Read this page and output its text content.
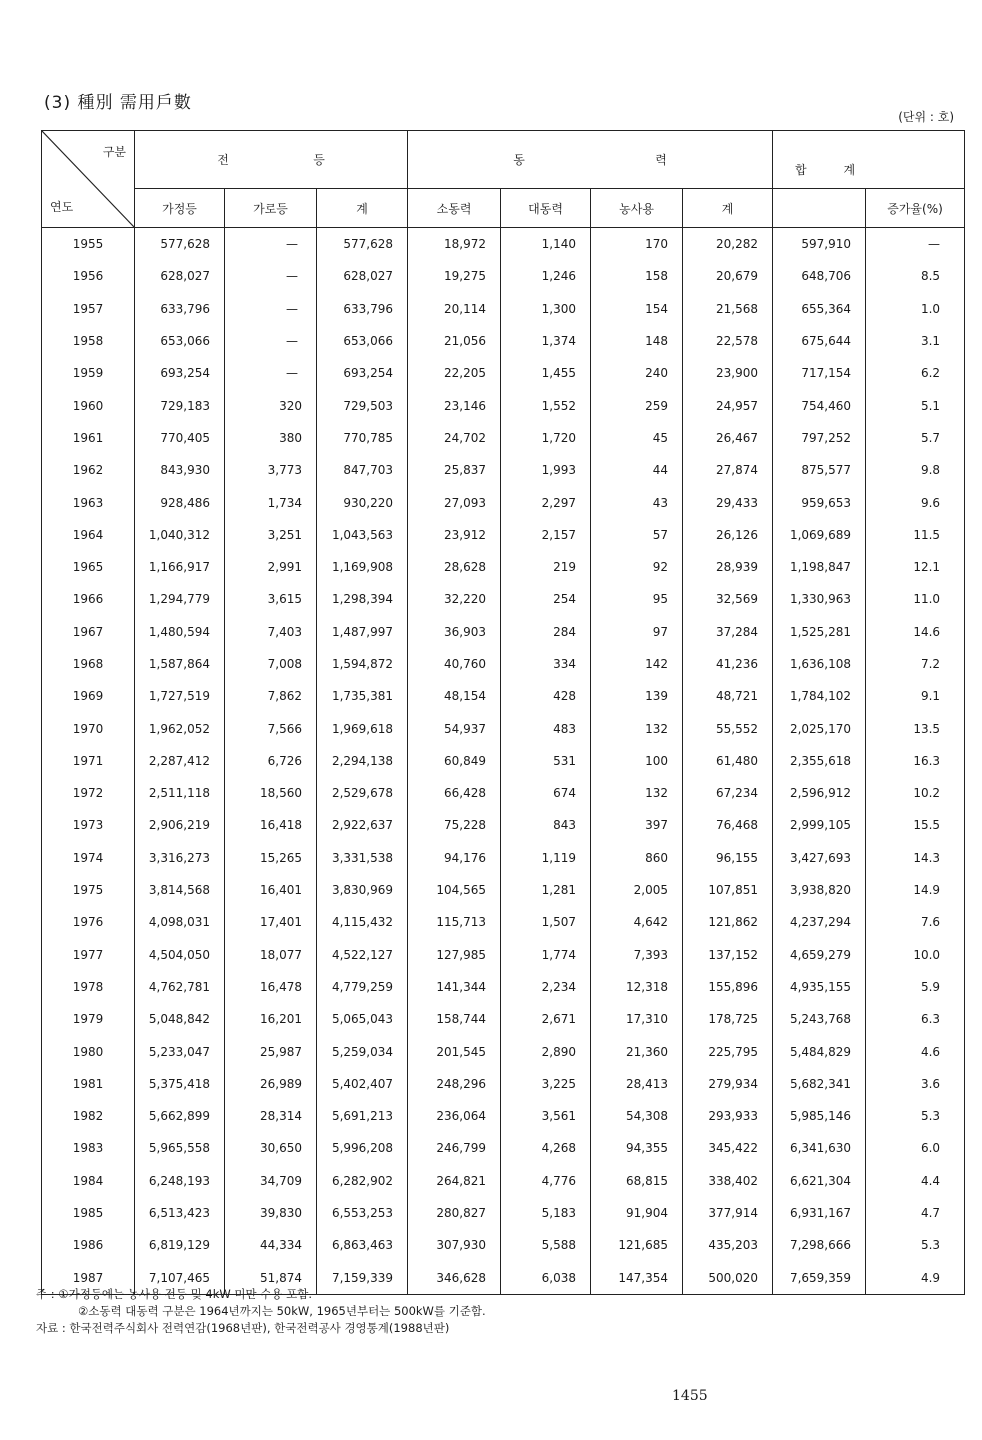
(3) 種別 需用戶數
(단위 : 호)
구분
연도	전 등			동 력				합 계	

	가정등	가로등	계	소동력	대동력	농사용	계		증가율(%)
1955	577,628	—	577,628	18,972	1,140	170	20,282	597,910	—
1956	628,027	—	628,027	19,275	1,246	158	20,679	648,706	8.5
1957	633,796	—	633,796	20,114	1,300	154	21,568	655,364	1.0
1958	653,066	—	653,066	21,056	1,374	148	22,578	675,644	3.1
1959	693,254	—	693,254	22,205	1,455	240	23,900	717,154	6.2
1960	729,183	320	729,503	23,146	1,552	259	24,957	754,460	5.1
1961	770,405	380	770,785	24,702	1,720	45	26,467	797,252	5.7
1962	843,930	3,773	847,703	25,837	1,993	44	27,874	875,577	9.8
1963	928,486	1,734	930,220	27,093	2,297	43	29,433	959,653	9.6
1964	1,040,312	3,251	1,043,563	23,912	2,157	57	26,126	1,069,689	11.5
1965	1,166,917	2,991	1,169,908	28,628	219	92	28,939	1,198,847	12.1
1966	1,294,779	3,615	1,298,394	32,220	254	95	32,569	1,330,963	11.0
1967	1,480,594	7,403	1,487,997	36,903	284	97	37,284	1,525,281	14.6
1968	1,587,864	7,008	1,594,872	40,760	334	142	41,236	1,636,108	7.2
1969	1,727,519	7,862	1,735,381	48,154	428	139	48,721	1,784,102	9.1
1970	1,962,052	7,566	1,969,618	54,937	483	132	55,552	2,025,170	13.5
1971	2,287,412	6,726	2,294,138	60,849	531	100	61,480	2,355,618	16.3
1972	2,511,118	18,560	2,529,678	66,428	674	132	67,234	2,596,912	10.2
1973	2,906,219	16,418	2,922,637	75,228	843	397	76,468	2,999,105	15.5
1974	3,316,273	15,265	3,331,538	94,176	1,119	860	96,155	3,427,693	14.3
1975	3,814,568	16,401	3,830,969	104,565	1,281	2,005	107,851	3,938,820	14.9
1976	4,098,031	17,401	4,115,432	115,713	1,507	4,642	121,862	4,237,294	7.6
1977	4,504,050	18,077	4,522,127	127,985	1,774	7,393	137,152	4,659,279	10.0
1978	4,762,781	16,478	4,779,259	141,344	2,234	12,318	155,896	4,935,155	5.9
1979	5,048,842	16,201	5,065,043	158,744	2,671	17,310	178,725	5,243,768	6.3
1980	5,233,047	25,987	5,259,034	201,545	2,890	21,360	225,795	5,484,829	4.6
1981	5,375,418	26,989	5,402,407	248,296	3,225	28,413	279,934	5,682,341	3.6
1982	5,662,899	28,314	5,691,213	236,064	3,561	54,308	293,933	5,985,146	5.3
1983	5,965,558	30,650	5,996,208	246,799	4,268	94,355	345,422	6,341,630	6.0
1984	6,248,193	34,709	6,282,902	264,821	4,776	68,815	338,402	6,621,304	4.4
1985	6,513,423	39,830	6,553,253	280,827	5,183	91,904	377,914	6,931,167	4.7
1986	6,819,129	44,334	6,863,463	307,930	5,588	121,685	435,203	7,298,666	5.3
1987	7,107,465	51,874	7,159,339	346,628	6,038	147,354	500,020	7,659,359	4.9
주 : ①가정등에는 농사용 전등 및 4kW 미만 수용 포함.
②소동력 대동력 구분은 1964년까지는 50kW, 1965년부터는 500kW를 기준함.
자료 : 한국전력주식회사 전력연감(1968년판), 한국전력공사 경영통계(1988년판)
1455
